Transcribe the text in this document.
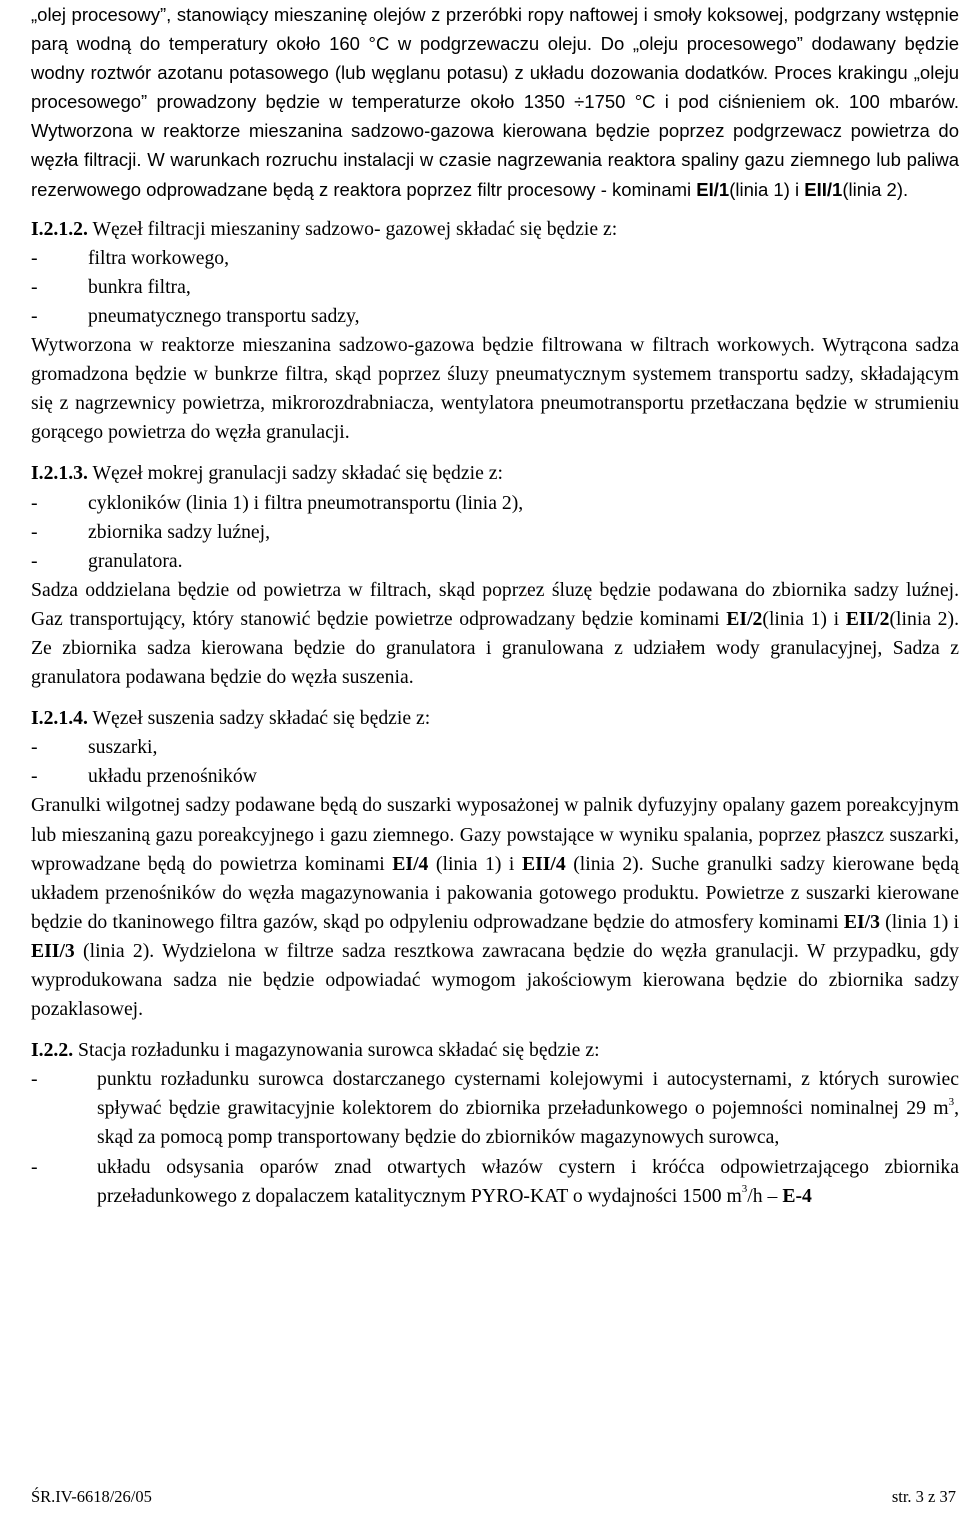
„olej procesowy”, stanowiący mieszaninę olejów z przeróbki ropy naftowej i smoły koksowej, podgrzany wstępnie parą wodną do temperatury około 160 °C w podgrzewaczu oleju. Do „oleju procesowego” dodawany będzie wodny roztwór azotanu potasowego (lub węglanu potasu) z układu dozowania dodatków. Proces krakingu „oleju procesowego” prowadzony będzie w temperaturze około 1350 ÷1750 °C i pod ciśnieniem ok. 100 mbarów. Wytworzona w reaktorze mieszanina sadzowo-gazowa kierowana będzie poprzez podgrzewacz powietrza do węzła filtracji. W warunkach rozruchu instalacji w czasie nagrzewania reaktora spaliny gazu ziemnego lub paliwa rezerwowego odprowadzane będą z reaktora poprzez filtr procesowy - kominami EI/1(linia 1) i EII/1(linia 2).

I.2.1.2. Węzeł filtracji mieszaniny sadzowo- gazowej składać się będzie z:

-	filtra workowego,
-	bunkra filtra,
-	pneumatycznego transportu sadzy,

Wytworzona w reaktorze mieszanina sadzowo-gazowa będzie filtrowana w filtrach workowych. Wytrącona sadza gromadzona będzie w bunkrze filtra, skąd poprzez śluzy pneumatycznym systemem transportu sadzy, składającym się z nagrzewnicy powietrza, mikrorozdrabniacza, wentylatora pneumotransportu przetłaczana będzie w strumieniu gorącego powietrza do węzła granulacji.

I.2.1.3. Węzeł mokrej granulacji sadzy składać się będzie z:

-	cykloników (linia 1) i filtra pneumotransportu (linia 2),
-	zbiornika sadzy luźnej,
-	granulatora.

Sadza oddzielana będzie od powietrza w filtrach, skąd poprzez śluzę będzie podawana do zbiornika sadzy luźnej. Gaz transportujący, który stanowić będzie powietrze odprowadzany będzie kominami EI/2(linia 1) i EII/2(linia 2). Ze zbiornika sadza kierowana będzie do granulatora i granulowana z udziałem wody granulacyjnej, Sadza z granulatora podawana będzie do węzła suszenia.

I.2.1.4. Węzeł suszenia sadzy składać się będzie z:

-	suszarki,
-	układu przenośników

Granulki wilgotnej sadzy podawane będą do suszarki wyposażonej w palnik dyfuzyjny opalany gazem poreakcyjnym lub mieszaniną gazu poreakcyjnego i gazu ziemnego. Gazy powstające w wyniku spalania, poprzez płaszcz suszarki, wprowadzane będą do powietrza kominami EI/4 (linia 1) i EII/4 (linia 2). Suche granulki sadzy kierowane będą układem przenośników do węzła magazynowania i pakowania gotowego produktu. Powietrze z suszarki kierowane będzie do tkaninowego filtra gazów, skąd po odpyleniu odprowadzane będzie do atmosfery kominami EI/3 (linia 1) i EII/3 (linia 2). Wydzielona w filtrze sadza resztkowa zawracana będzie do węzła granulacji. W przypadku, gdy wyprodukowana sadza nie będzie odpowiadać wymogom jakościowym kierowana będzie do zbiornika sadzy pozaklasowej.

I.2.2. Stacja rozładunku i magazynowania surowca składać się będzie z:

-	punktu rozładunku surowca dostarczanego cysternami kolejowymi i autocysternami, z których surowiec spływać będzie grawitacyjnie kolektorem do zbiornika przeładunkowego o pojemności nominalnej 29 $m^3$, skąd za pomocą pomp transportowany będzie do zbiorników magazynowych surowca,
-	układu odsysania oparów znad otwartych włazów cystern i króćca odpowietrzającego zbiornika przeładunkowego z dopalaczem katalitycznym PYRO-KAT o wydajności 1500 $m^3/h - E-4$
ŚR.IV-6618/26/05	str. 3 z 37
